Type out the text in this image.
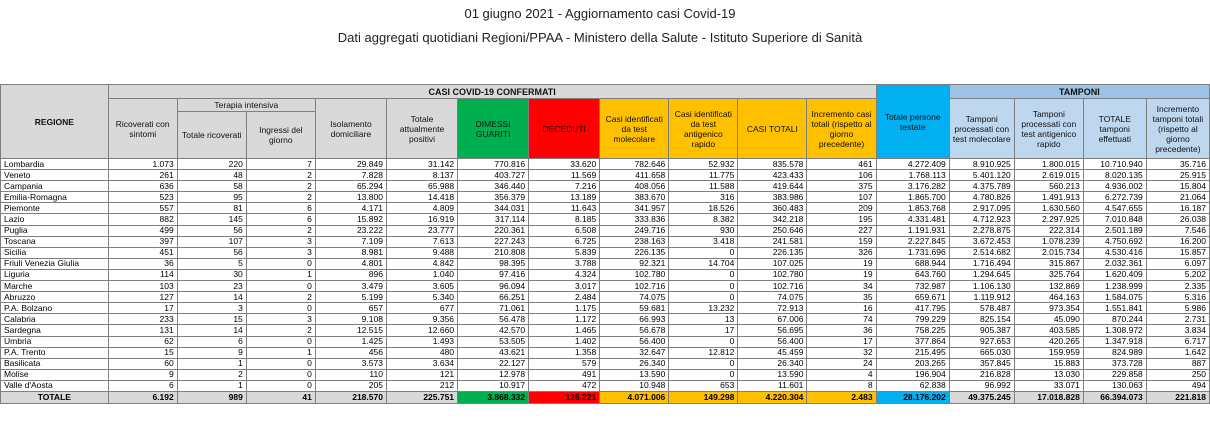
01 giugno 2021 - Aggiornamento casi Covid-19
Dati aggregati quotidiani Regioni/PPAA - Ministero della Salute - Istituto Superiore di Sanità
REGIONE	CASI COVID-19 CONFERMATI											Totale persone testate	TAMPONI			
	Ricoverati con sintomi	Terapia intensiva		Isolamento domiciliare	Totale attualmente positivi	DIMESSI GUARITI	DECEDUTI	Casi identificati da test molecolare	Casi identificati da test antigenico rapido	CASI TOTALI	Incremento casi totali (rispetto al giorno precedente)		Tamponi processati con test molecolare	Tamponi processati con test antigenico rapido	TOTALE tamponi effettuati	Incremento tamponi totali (rispetto al giorno precedente)
		Totale ricoverati	Ingressi del giorno													
Lombardia	1.073	220	7	29.849	31.142	770.816	33.620	782.646	52.932	835.578	461	4.272.409	8.910.925	1.800.015	10.710.940	35.716
Veneto	261	48	2	7.828	8.137	403.727	11.569	411.658	11.775	423.433	106	1.768.113	5.401.120	2.619.015	8.020.135	25.915
Campania	636	58	2	65.294	65.988	346.440	7.216	408.056	11.588	419.644	375	3.176.282	4.375.789	560.213	4.936.002	15.804
Emilia-Romagna	523	95	2	13.800	14.418	356.379	13.189	383.670	316	383.986	107	1.865.700	4.780.826	1.491.913	6.272.739	21.064
Piemonte	557	81	6	4.171	4.809	344.031	11.643	341.957	18.526	360.483	209	1.853.768	2.917.095	1.630.560	4.547.655	16.187
Lazio	882	145	6	15.892	16.919	317.114	8.185	333.836	8.382	342.218	195	4.331.481	4.712.923	2.297.925	7.010.848	26.038
Puglia	499	56	2	23.222	23.777	220.361	6.508	249.716	930	250.646	227	1.191.931	2.278.875	222.314	2.501.189	7.546
Toscana	397	107	3	7.109	7.613	227.243	6.725	238.163	3.418	241.581	159	2.227.845	3.672.453	1.078.239	4.750.692	16.200
Sicilia	451	56	3	8.981	9.488	210.808	5.839	226.135	0	226.135	326	1.731.696	2.514.682	2.015.734	4.530.416	15.857
Friuli Venezia Giulia	36	5	0	4.801	4.842	98.395	3.788	92.321	14.704	107.025	19	688.944	1.716.494	315.867	2.032.361	6.097
Liguria	114	30	1	896	1.040	97.416	4.324	102.780	0	102.780	19	643.760	1.294.645	325.764	1.620.409	5.202
Marche	103	23	0	3.479	3.605	96.094	3.017	102.716	0	102.716	34	732.987	1.106.130	132.869	1.238.999	2.335
Abruzzo	127	14	2	5.199	5.340	66.251	2.484	74.075	0	74.075	35	659.671	1.119.912	464.163	1.584.075	5.316
P.A. Bolzano	17	3	0	657	677	71.061	1.175	59.681	13.232	72.913	16	417.795	578.487	973.354	1.551.841	5.986
Calabria	233	15	3	9.108	9.356	56.478	1.172	66.993	13	67.006	74	799.229	825.154	45.090	870.244	2.731
Sardegna	131	14	2	12.515	12.660	42.570	1.465	56.678	17	56.695	36	758.225	905.387	403.585	1.308.972	3.834
Umbria	62	6	0	1.425	1.493	53.505	1.402	56.400	0	56.400	17	377.864	927.653	420.265	1.347.918	6.717
P.A. Trento	15	9	1	456	480	43.621	1.358	32.647	12.812	45.459	32	215.495	665.030	159.959	824.989	1.642
Basilicata	60	1	0	3.573	3.634	22.127	579	26.340	0	26.340	24	203.265	357.845	15.883	373.728	887
Molise	9	2	0	110	121	12.978	491	13.590	0	13.590	4	196.904	216.828	13.030	229.858	250
Valle d'Aosta	6	1	0	205	212	10.917	472	10.948	653	11.601	8	62.838	96.992	33.071	130.063	494
TOTALE	6.192	989	41	218.570	225.751	3.868.332	126.221	4.071.006	149.298	4.220.304	2.483	28.176.202	49.375.245	17.018.828	66.394.073	221.818
